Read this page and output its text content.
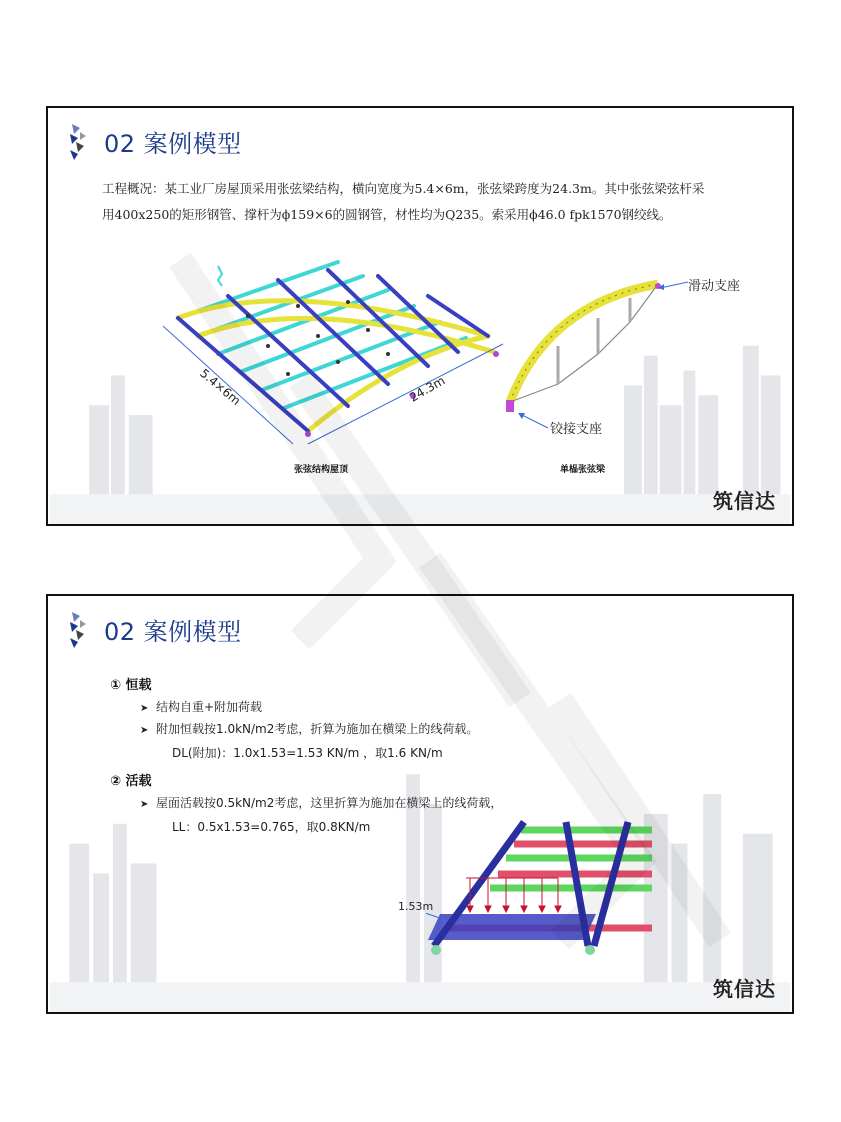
02 案例模型
工程概况：某工业厂房屋顶采用张弦梁结构，横向宽度为5.4×6m，张弦梁跨度为24.3m。其中张弦梁弦杆采
用400x250的矩形钢管、撑杆为ϕ159×6的圆钢管，材性均为Q235。索采用ϕ46.0 fpk1570钢绞线。
5.4×6m	24.3m
滑动支座
铰接支座
张弦结构屋顶	单榀张弦梁
筑信达
02 案例模型
① 恒载
➤ 结构自重+附加荷载
➤ 附加恒载按1.0kN/m2考虑，折算为施加在横梁上的线荷载。
DL(附加)：1.0x1.53=1.53 KN/m ，取1.6 KN/m
② 活载
➤ 屋面活载按0.5kN/m2考虑，这里折算为施加在横梁上的线荷载，
LL：0.5x1.53=0.765，取0.8KN/m
1.53m
筑信达
